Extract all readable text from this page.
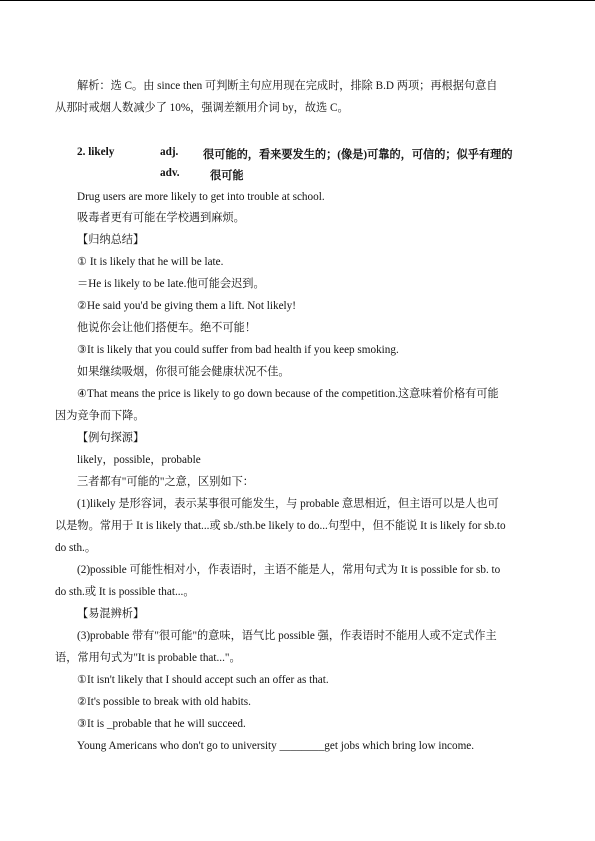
解析：选 C。由 since then 可判断主句应用现在完成时，排除 B.D 两项；再根据句意自
从那时戒烟人数减少了 10%，强调差额用介词 by，故选 C。
2. likely	adj. 很可能的，看来要发生的；(像是)可靠的，可信的；似乎有理的
adv.	很可能
Drug users are more likely to get into trouble at school.
吸毒者更有可能在学校遇到麻烦。
【归纳总结】
① It is likely that he will be late.
＝He is likely to be late.他可能会迟到。
②He said you'd be giving them a lift. Not likely!
他说你会让他们搭便车。绝不可能！
③It is likely that you could suffer from bad health if you keep smoking.
如果继续吸烟，你很可能会健康状况不佳。
④That means the price is likely to go down because of the competition.这意味着价格有可能
因为竞争而下降。
【例句探源】
likely，possible，probable
三者都有"可能的"之意，区别如下：
(1)likely 是形容词，表示某事很可能发生，与 probable 意思相近，但主语可以是人也可
以是物。常用于 It is likely that...或 sb./sth.be likely to do...句型中，但不能说 It is likely for sb.to
do sth.。
(2)possible 可能性相对小，作表语时，主语不能是人，常用句式为 It is possible for sb. to
do sth.或 It is possible that...。
【易混辨析】
(3)probable 带有"很可能"的意味，语气比 possible 强，作表语时不能用人或不定式作主
语，常用句式为"It is probable that..."。
①It isn't likely that I should accept such an offer as that.
②It's possible to break with old habits.
③It is _probable that he will succeed.
Young Americans who don't go to university ________get jobs which bring low income.
